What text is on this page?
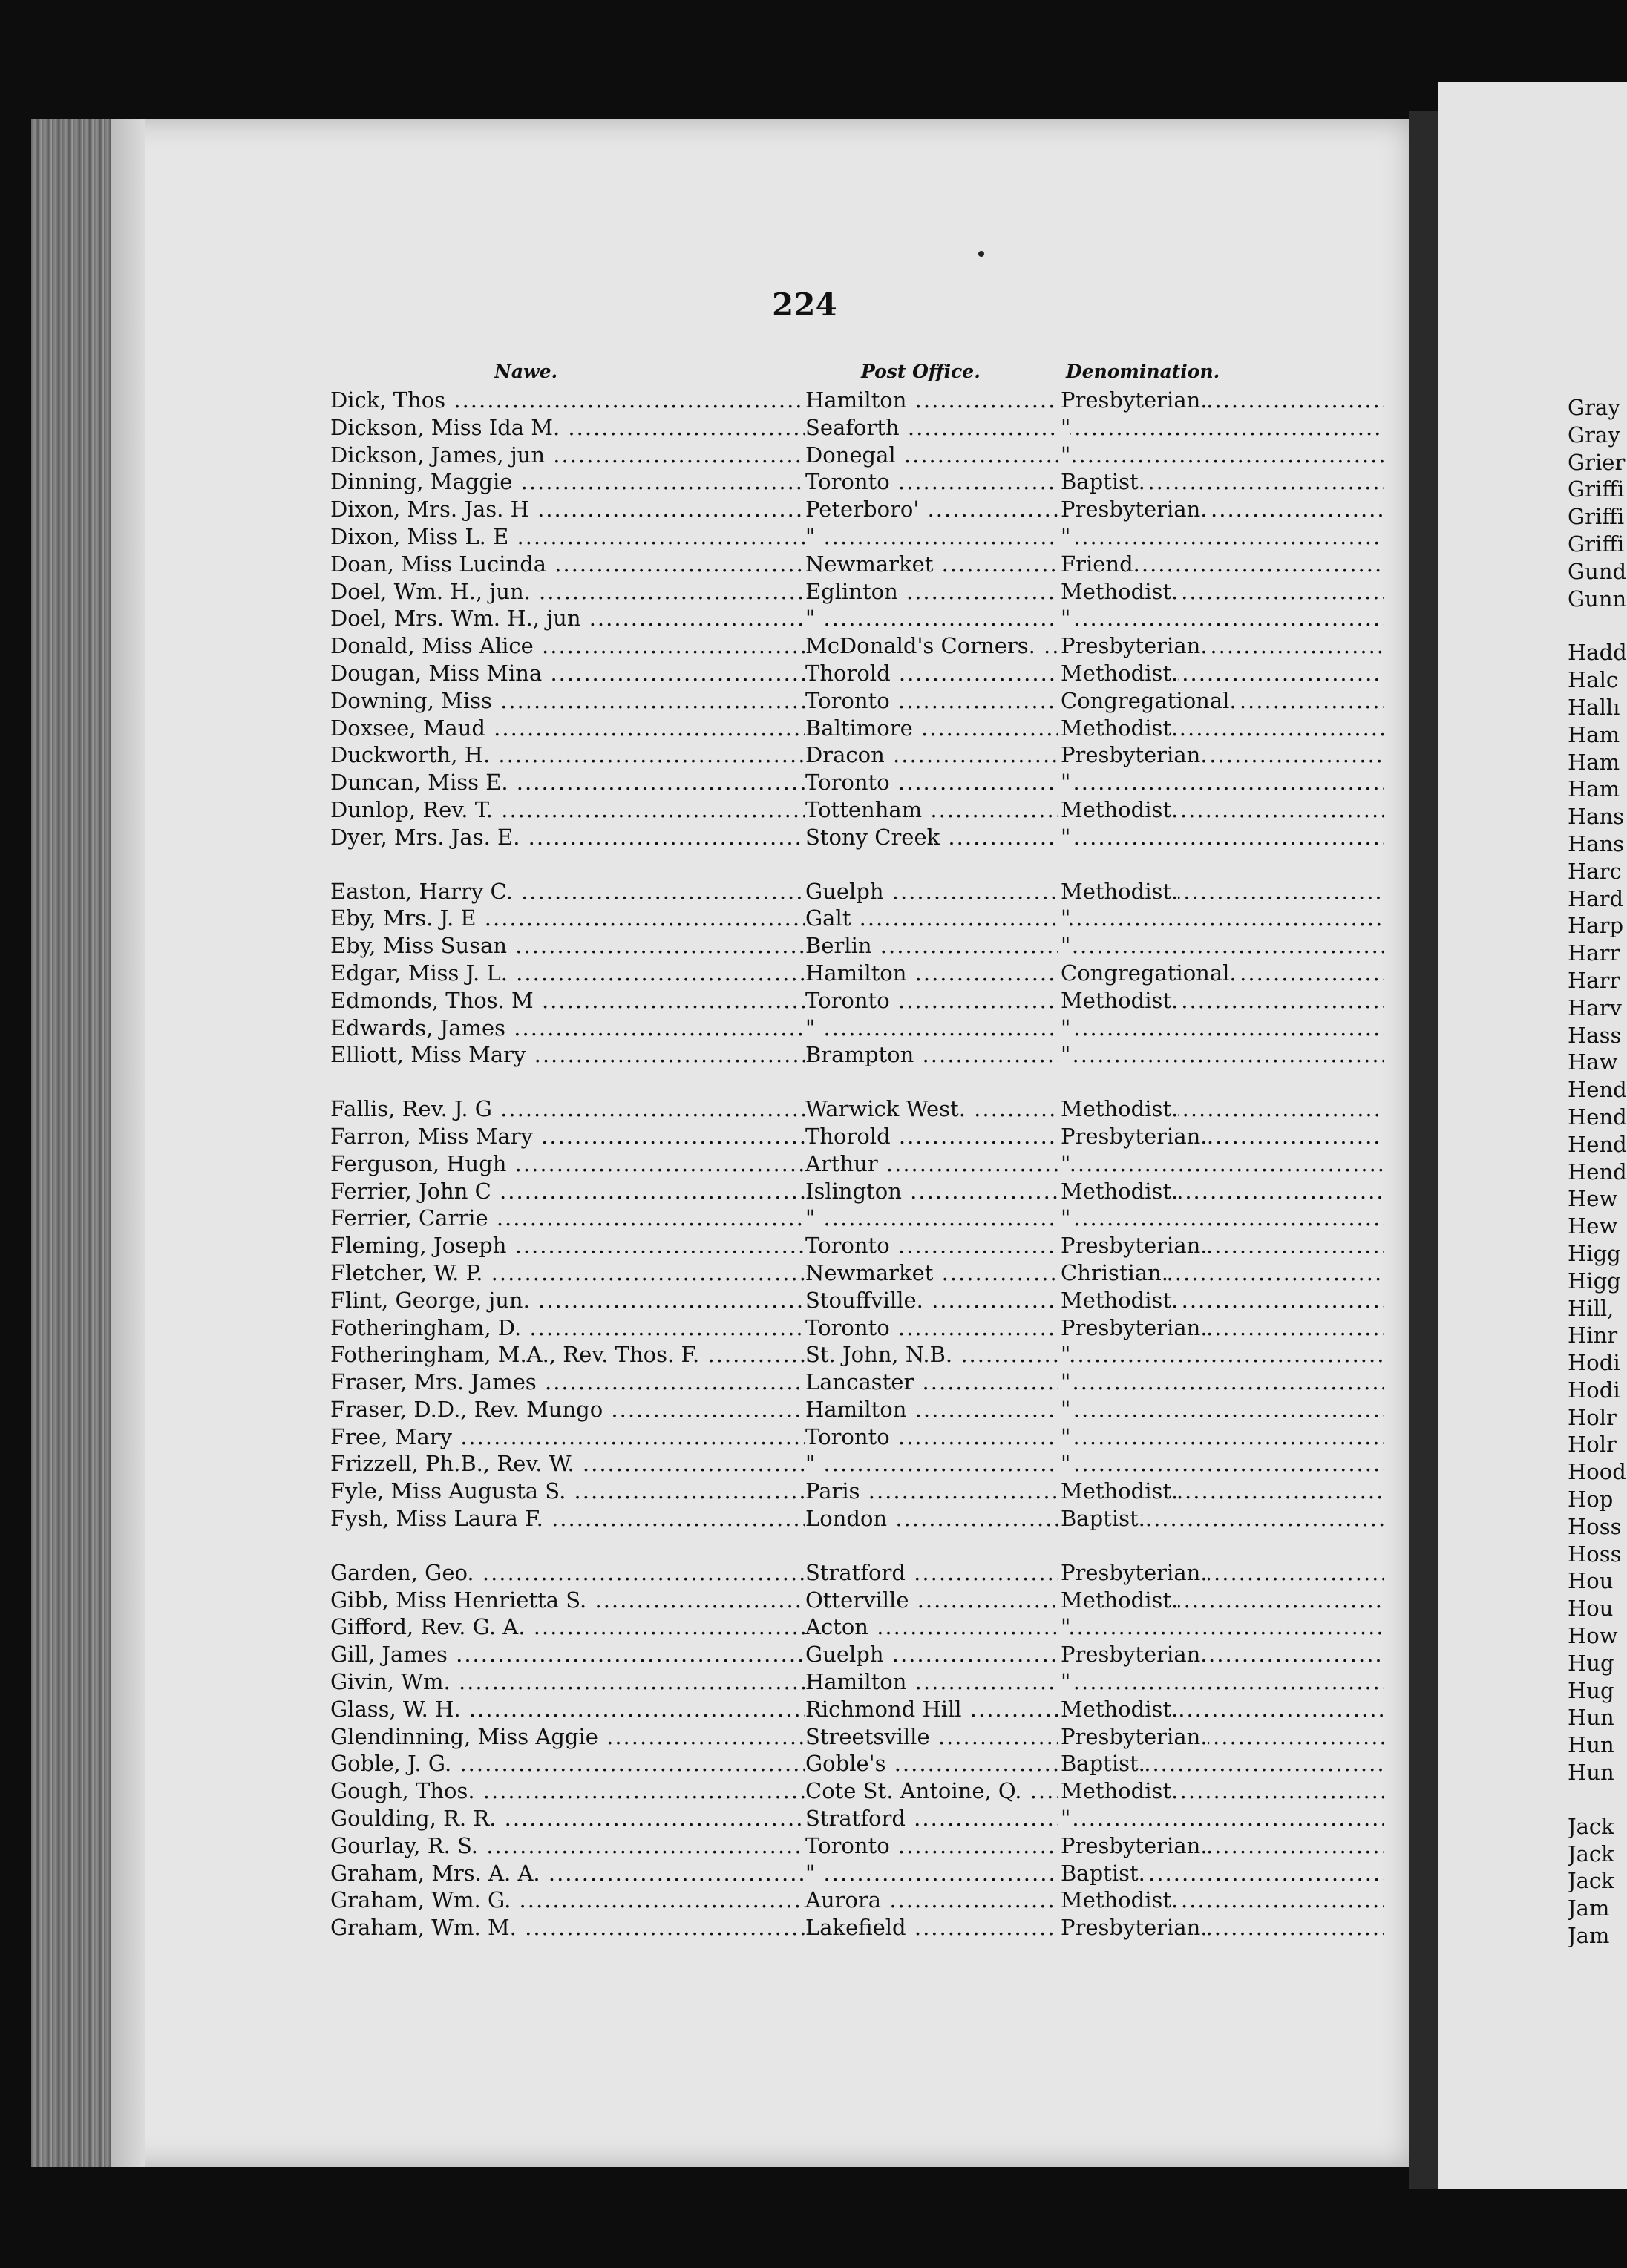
224
Nawe.	Post Office.	Denomination.
Dick, Thos .....	Hamilton .....	Presbyterian.
Dickson, Miss Ida M. .....	Seaforth .....	"
Dickson, James, jun .....	Donegal .....	"
Dinning, Maggie .....	Toronto .....	Baptist.
Dixon, Mrs. Jas. H .....	Peterboro' .....	Presbyterian.
Dixon, Miss L. E .....	" .....	"
Doan, Miss Lucinda .....	Newmarket .....	Friend.
Doel, Wm. H., jun. .....	Eglinton .....	Methodist.
Doel, Mrs. Wm. H., jun .....	" .....	"
Donald, Miss Alice .....	McDonald's Corners. .....	Presbyterian.
Dougan, Miss Mina .....	Thorold .....	Methodist.
Downing, Miss .....	Toronto .....	Congregational.
Doxsee, Maud .....	Baltimore .....	Methodist.
Duckworth, H. .....	Dracon .....	Presbyterian.
Duncan, Miss E. .....	Toronto .....	"
Dunlop, Rev. T. .....	Tottenham .....	Methodist.
Dyer, Mrs. Jas. E. .....	Stony Creek .....	"
Easton, Harry C. .....	Guelph .....	Methodist.
Eby, Mrs. J. E .....	Galt .....	"
Eby, Miss Susan .....	Berlin .....	"
Edgar, Miss J. L. .....	Hamilton .....	Congregational.
Edmonds, Thos. M .....	Toronto .....	Methodist.
Edwards, James .....	" .....	"
Elliott, Miss Mary .....	Brampton .....	"
Fallis, Rev. J. G .....	Warwick West. .....	Methodist.
Farron, Miss Mary .....	Thorold .....	Presbyterian.
Ferguson, Hugh .....	Arthur .....	"
Ferrier, John C .....	Islington .....	Methodist.
Ferrier, Carrie .....	" .....	"
Fleming, Joseph .....	Toronto .....	Presbyterian.
Fletcher, W. P. .....	Newmarket .....	Christian.
Flint, George, jun. .....	Stouffville. .....	Methodist.
Fotheringham, D. .....	Toronto .....	Presbyterian.
Fotheringham, M.A., Rev. Thos. F. .....	St. John, N.B. .....	"
Fraser, Mrs. James .....	Lancaster .....	"
Fraser, D.D., Rev. Mungo .....	Hamilton .....	"
Free, Mary .....	Toronto .....	"
Frizzell, Ph.B., Rev. W. .....	" .....	"
Fyle, Miss Augusta S. .....	Paris .....	Methodist.
Fysh, Miss Laura F. .....	London .....	Baptist.
Garden, Geo. .....	Stratford .....	Presbyterian.
Gibb, Miss Henrietta S. .....	Otterville .....	Methodist.
Gifford, Rev. G. A. .....	Acton .....	"
Gill, James .....	Guelph .....	Presbyterian.
Givin, Wm. .....	Hamilton .....	"
Glass, W. H. .....	Richmond Hill .....	Methodist.
Glendinning, Miss Aggie .....	Streetsville .....	Presbyterian.
Goble, J. G. .....	Goble's .....	Baptist.
Gough, Thos. .....	Cote St. Antoine, Q. .....	Methodist.
Goulding, R. R. .....	Stratford .....	"
Gourlay, R. S. .....	Toronto .....	Presbyterian.
Graham, Mrs. A. A. .....	" .....	Baptist.
Graham, Wm. G. .....	Aurora .....	Methodist.
Graham, Wm. M. .....	Lakefield .....	Presbyterian.
Gray
Gray
Grier
Griffi
Griffi
Griffi
Gund
Gunn
Hadd
Halc
Hallı
Ham
Ham
Ham
Hans
Hans
Harc
Hard
Harp
Harr
Harr
Harv
Hass
Haw
Hend
Hend
Hend
Hend
Hew
Hew
Higg
Higg
Hill,
Hinr
Hodi
Hodi
Holr
Holr
Hood
Hop
Hoss
Hoss
Hou
Hou
How
Hug
Hug
Hun
Hun
Hun
Jack
Jack
Jack
Jam
Jam
